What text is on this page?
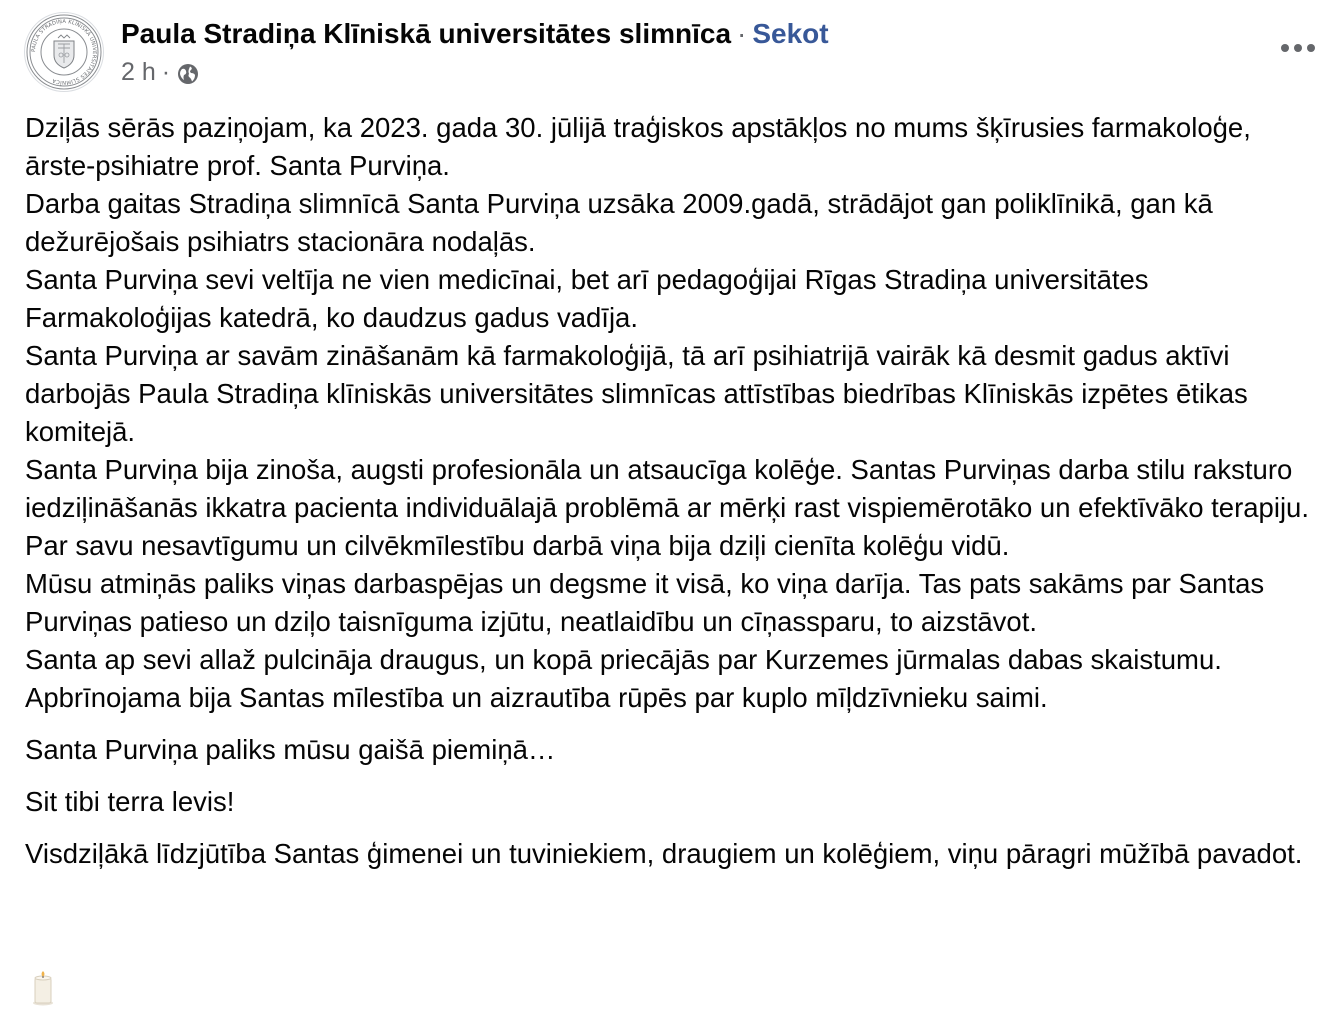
PAULA STRADIŅA KLĪNISKĀ UNIVERSITĀTES SLIMNĪCA
Paula Stradiņa Klīniskā universitātes slimnīca · Sekot
2 h ·

Dziļās sērās paziņojam, ka 2023. gada 30. jūlijā traģiskos apstākļos no mums šķīrusies farmakoloģe, ārste-psihiatre prof. Santa Purviņa.

Darba gaitas Stradiņa slimnīcā Santa Purviņa uzsāka 2009.gadā, strādājot gan poliklīnikā, gan kā dežurējošais psihiatrs stacionāra nodaļās.

Santa Purviņa sevi veltīja ne vien medicīnai, bet arī pedagoģijai Rīgas Stradiņa universitātes Farmakoloģijas katedrā, ko daudzus gadus vadīja.

Santa Purviņa ar savām zināšanām kā farmakoloģijā, tā arī psihiatrijā vairāk kā desmit gadus aktīvi darbojās Paula Stradiņa klīniskās universitātes slimnīcas attīstības biedrības Klīniskās izpētes ētikas komitejā.

Santa Purviņa bija zinoša, augsti profesionāla un atsaucīga kolēģe. Santas Purviņas darba stilu raksturo iedziļināšanās ikkatra pacienta individuālajā problēmā ar mērķi rast vispiemērotāko un efektīvāko terapiju. Par savu nesavtīgumu un cilvēkmīlestību darbā viņa bija dziļi cienīta kolēģu vidū.

Mūsu atmiņās paliks viņas darbaspējas un degsme it visā, ko viņa darīja. Tas pats sakāms par Santas Purviņas patieso un dziļo taisnīguma izjūtu, neatlaidību un cīņassparu, to aizstāvot.

Santa ap sevi allaž pulcināja draugus, un kopā priecājās par Kurzemes jūrmalas dabas skaistumu. Apbrīnojama bija Santas mīlestība un aizrautība rūpēs par kuplo mīļdzīvnieku saimi.

Santa Purviņa paliks mūsu gaišā piemiņā…

Sit tibi terra levis!

Visdziļākā līdzjūtība Santas ģimenei un tuviniekiem, draugiem un kolēģiem, viņu pāragri mūžībā pavadot.
